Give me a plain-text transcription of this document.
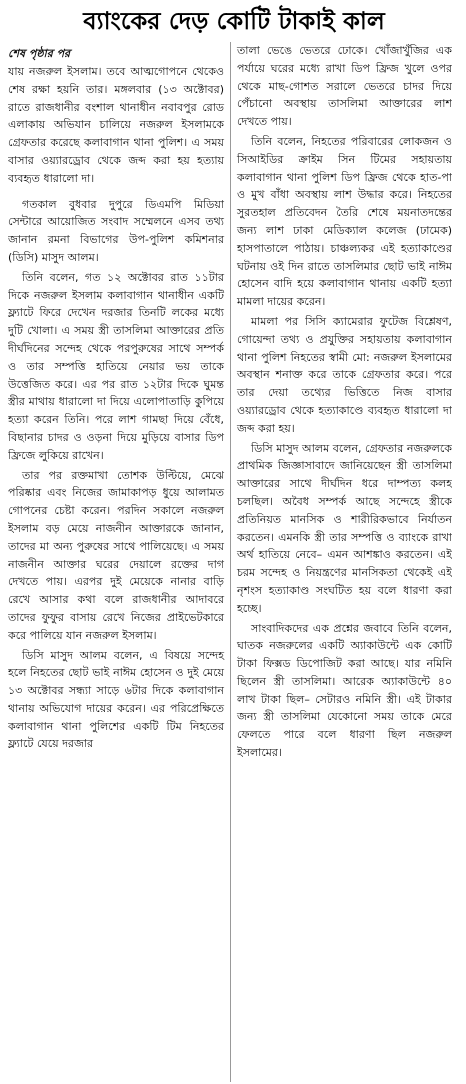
ব্যাংকের দেড় কোটি টাকাই কাল
শেষ পৃষ্ঠার পর

যায় নজরুল ইসলাম। তবে আত্মগোপনে থেকেও শেষ রক্ষা হয়নি তার। মঙ্গলবার (১৩ অক্টোবর) রাতে রাজধানীর বংশাল থানাধীন নবাবপুর রোড এলাকায় অভিযান চালিয়ে নজরুল ইসলামকে গ্রেফতার করেছে কলাবাগান থানা পুলিশ। এ সময় বাসার ওয়্যারড্রোব থেকে জব্দ করা হয় হত্যায় ব্যবহৃত ধারালো দা।

গতকাল বুধবার দুপুরে ডিএমপি মিডিয়া সেন্টারে আয়োজিত সংবাদ সম্মেলনে এসব তথ্য জানান রমনা বিভাগের উপ-পুলিশ কমিশনার (ডিসি) মাসুদ আলম।

তিনি বলেন, গত ১২ অক্টোবর রাত ১১টার দিকে নজরুল ইসলাম কলাবাগান থানাধীন একটি ফ্ল্যাটে ফিরে দেখেন দরজার তিনটি লকের মধ্যে দুটি খোলা। এ সময় স্ত্রী তাসলিমা আক্তারের প্রতি দীর্ঘদিনের সন্দেহ থেকে পরপুরুষের সাথে সম্পর্ক ও তার সম্পত্তি হাতিয়ে নেয়ার ভয় তাকে উত্তেজিত করে। এর পর রাত ১২টার দিকে ঘুমন্ত স্ত্রীর মাথায় ধারালো দা দিয়ে এলোপাতাড়ি কুপিয়ে হত্যা করেন তিনি। পরে লাশ গামছা দিয়ে বেঁধে, বিছানার চাদর ও ওড়না দিয়ে মুড়িয়ে বাসার ডিপ ফ্রিজে লুকিয়ে রাখেন।

তার পর রক্তমাখা তোশক উল্টিয়ে, মেঝে পরিষ্কার এবং নিজের জামাকাপড় ধুয়ে আলামত গোপনের চেষ্টা করেন। পরদিন সকালে নজরুল ইসলাম বড় মেয়ে নাজনীন আক্তারকে জানান, তাদের মা অন্য পুরুষের সাথে পালিয়েছে। এ সময় নাজনীন আক্তার ঘরের দেয়ালে রক্তের দাগ দেখতে পায়। এরপর দুই মেয়েকে নানার বাড়ি রেখে আসার কথা বলে রাজধানীর আদাবরে তাদের ফুফুর বাসায় রেখে নিজের প্রাইভেটকারে করে পালিয়ে যান নজরুল ইসলাম।

ডিসি মাসুদ আলম বলেন, এ বিষয়ে সন্দেহ হলে নিহতের ছোট ভাই নাঈম হোসেন ও দুই মেয়ে ১৩ অক্টোবর সন্ধ্যা সাড়ে ৬টার দিকে কলাবাগান থানায় অভিযোগ দায়ের করেন। এর পরিপ্রেক্ষিতে কলাবাগান থানা পুলিশের একটি টিম নিহতের ফ্ল্যাটে যেয়ে দরজার

তালা ভেঙে ভেতরে ঢোকে। খোঁজাখুঁজির এক পর্যায়ে ঘরের মধ্যে রাখা ডিপ ফ্রিজ খুলে ওপর থেকে মাছ-গোশত সরালে ভেতরে চাদর দিয়ে পেঁচানো অবস্থায় তাসলিমা আক্তারের লাশ দেখতে পায়।

তিনি বলেন, নিহতের পরিবারের লোকজন ও সিআইডির ক্রাইম সিন টিমের সহায়তায় কলাবাগান থানা পুলিশ ডিপ ফ্রিজ থেকে হাত-পা ও মুখ বাঁধা অবস্থায় লাশ উদ্ধার করে। নিহতের সুরতহাল প্রতিবেদন তৈরি শেষে ময়নাতদন্তের জন্য লাশ ঢাকা মেডিক্যাল কলেজ (ঢামেক) হাসপাতালে পাঠায়। চাঞ্চল্যকর এই হত্যাকাণ্ডের ঘটনায় ওই দিন রাতে তাসলিমার ছোট ভাই নাঈম হোসেন বাদি হয়ে কলাবাগান থানায় একটি হত্যা মামলা দায়ের করেন।

মামলা পর সিসি ক্যামেরার ফুটেজ বিশ্লেষণ, গোয়েন্দা তথ্য ও প্রযুক্তির সহায়তায় কলাবাগান থানা পুলিশ নিহতের স্বামী মো: নজরুল ইসলামের অবস্থান শনাক্ত করে তাকে গ্রেফতার করে। পরে তার দেয়া তথ্যের ভিত্তিতে নিজ বাসার ওয়্যারড্রোব থেকে হত্যাকাণ্ডে ব্যবহৃত ধারালো দা জব্দ করা হয়।

ডিসি মাসুদ আলম বলেন, গ্রেফতার নজরুলকে প্রাথমিক জিজ্ঞাসাবাদে জানিয়েছেন স্ত্রী তাসলিমা আক্তারের সাথে দীর্ঘদিন ধরে দাম্পত্য কলহ চলছিল। অবৈধ সম্পর্ক আছে সন্দেহে স্ত্রীকে প্রতিনিয়ত মানসিক ও শারীরিকভাবে নির্যাতন করতেন। এমনকি স্ত্রী তার সম্পত্তি ও ব্যাংকে রাখা অর্থ হাতিয়ে নেবে– এমন আশঙ্কাও করতেন। এই চরম সন্দেহ ও নিয়ন্ত্রণের মানসিকতা থেকেই এই নৃশংস হত্যাকাণ্ড সংঘটিত হয় বলে ধারণা করা হচ্ছে।

সাংবাদিকদের এক প্রশ্নের জবাবে তিনি বলেন, ঘাতক নজরুলের একটি অ্যাকাউন্টে এক কোটি টাকা ফিক্সড ডিপোজিট করা আছে। যার নমিনি ছিলেন স্ত্রী তাসলিমা। আরেক অ্যাকাউন্টে ৪০ লাখ টাকা ছিল– সেটারও নমিনি স্ত্রী। এই টাকার জন্য স্ত্রী তাসলিমা যেকোনো সময় তাকে মেরে ফেলতে পারে বলে ধারণা ছিল নজরুল ইসলামের।
